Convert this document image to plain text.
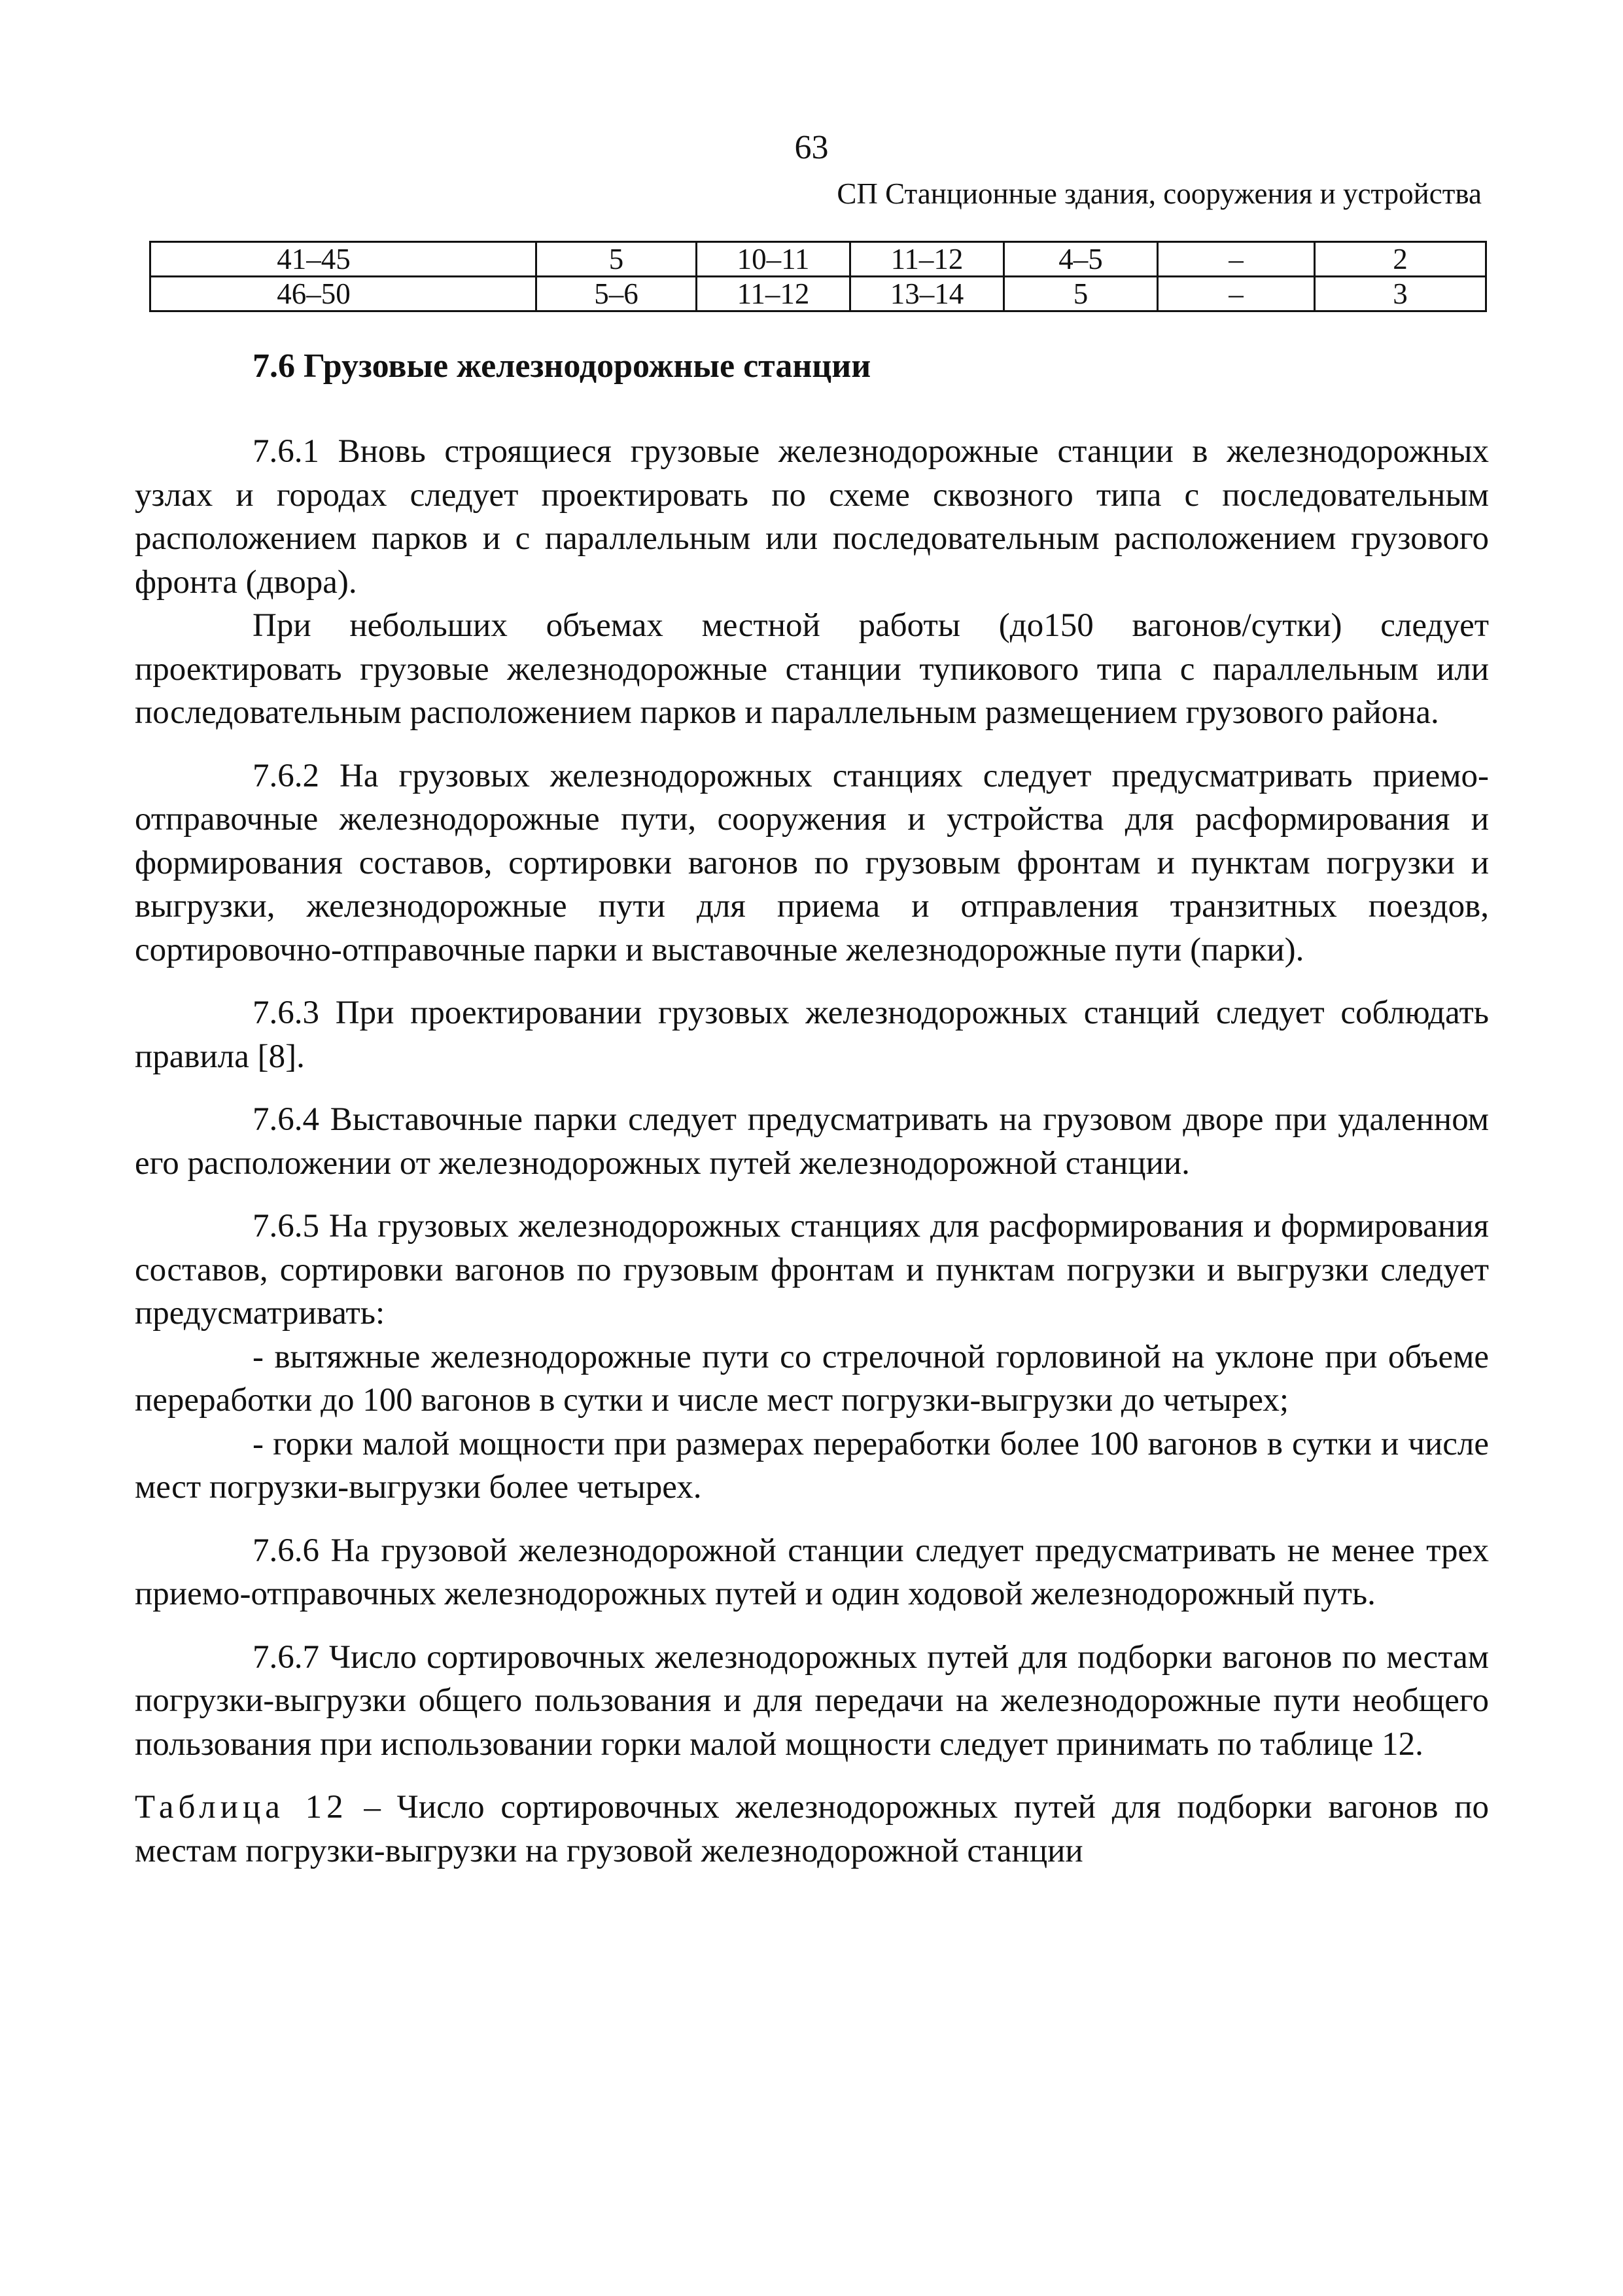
63
СП Станционные здания, сооружения и устройства
41–45	5	10–11	11–12	4–5	–	2
46–50	5–6	11–12	13–14	5	–	3
7.6 Грузовые железнодорожные станции

7.6.1 Вновь строящиеся грузовые железнодорожные станции в железнодорожных узлах и городах следует проектировать по схеме сквозного типа с последовательным расположением парков и с параллельным или последовательным расположением грузового фронта (двора).

При небольших объемах местной работы (до150 вагонов/сутки) следует проектировать грузовые железнодорожные станции тупикового типа с параллельным или последовательным расположением парков и параллельным размещением грузового района.

7.6.2 На грузовых железнодорожных станциях следует предусматривать приемо-отправочные железнодорожные пути, сооружения и устройства для расформирования и формирования составов, сортировки вагонов по грузовым фронтам и пунктам погрузки и выгрузки, железнодорожные пути для приема и отправления транзитных поездов, сортировочно-отправочные парки и выставочные железнодорожные пути (парки).

7.6.3 При проектировании грузовых железнодорожных станций следует соблюдать правила [8].

7.6.4 Выставочные парки следует предусматривать на грузовом дворе при удаленном его расположении от железнодорожных путей железнодорожной станции.

7.6.5 На грузовых железнодорожных станциях для расформирования и формирования составов, сортировки вагонов по грузовым фронтам и пунктам погрузки и выгрузки следует предусматривать:

- вытяжные железнодорожные пути со стрелочной горловиной на уклоне при объеме переработки до 100 вагонов в сутки и числе мест погрузки-выгрузки до четырех;

- горки малой мощности при размерах переработки более 100 вагонов в сутки и числе мест погрузки-выгрузки более четырех.

7.6.6 На грузовой железнодорожной станции следует предусматривать не менее трех приемо-отправочных железнодорожных путей и один ходовой железнодорожный путь.

7.6.7 Число сортировочных железнодорожных путей для подборки вагонов по местам погрузки-выгрузки общего пользования и для передачи на железнодорожные пути необщего пользования при использовании горки малой мощности следует принимать по таблице 12.

Таблица 12 – Число сортировочных железнодорожных путей для подборки вагонов по местам погрузки-выгрузки на грузовой железнодорожной станции
